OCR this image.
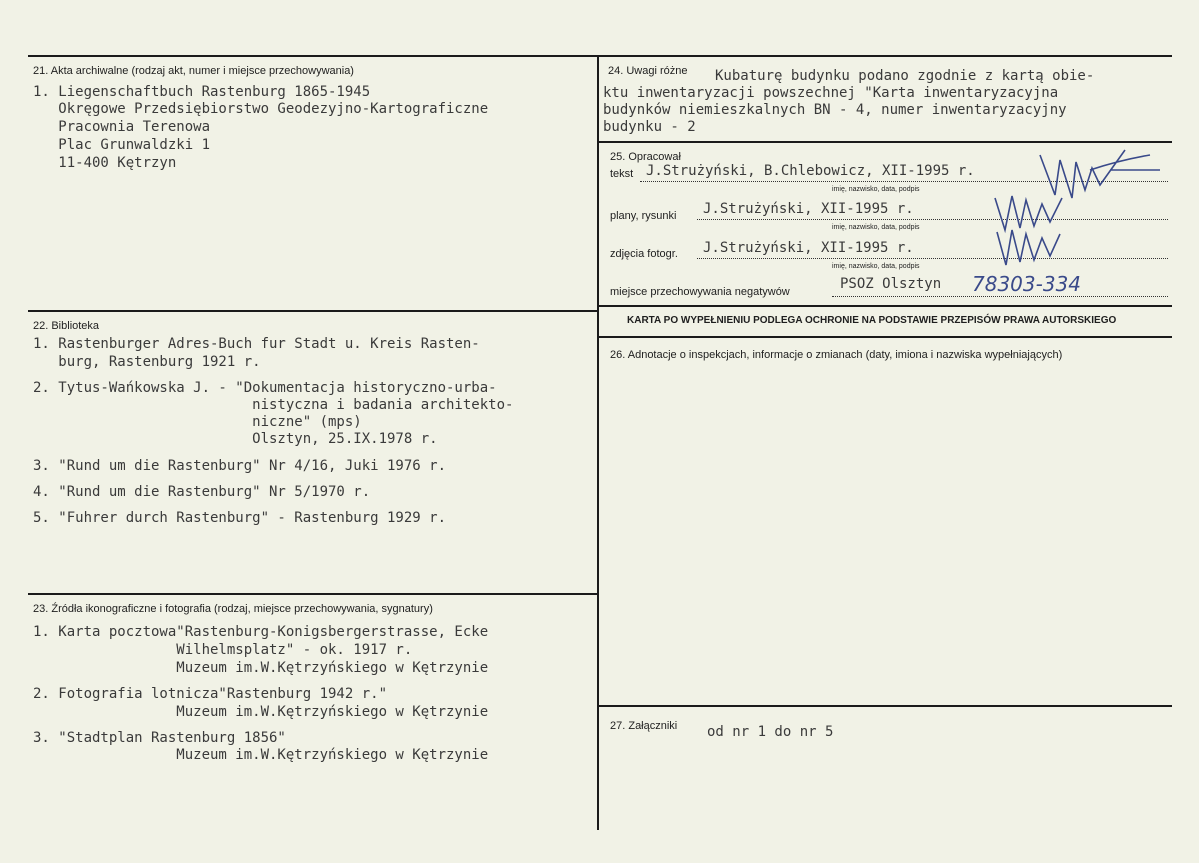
21. Akta archiwalne (rodzaj akt, numer i miejsce przechowywania)
1. Liegenschaftbuch Rastenburg 1865-1945
Okręgowe Przedsiębiorstwo Geodezyjno-Kartograficzne
Pracownia Terenowa
Plac Grunwaldzki 1
11-400 Kętrzyn
22. Biblioteka
1. Rastenburger Adres-Buch fur Stadt u. Kreis Rasten-
burg, Rastenburg 1921 r.
2. Tytus-Wańkowska J. - "Dokumentacja historyczno-urba-
nistyczna i badania architekto-
niczne" (mps)
Olsztyn, 25.IX.1978 r.
3. "Rund um die Rastenburg" Nr 4/16, Juki 1976 r.
4. "Rund um die Rastenburg" Nr 5/1970 r.
5. "Fuhrer durch Rastenburg" - Rastenburg 1929 r.
23. Źródła ikonograficzne i fotografia (rodzaj, miejsce przechowywania, sygnatury)
1. Karta pocztowa"Rastenburg-Konigsbergerstrasse, Ecke
Wilhelmsplatz" - ok. 1917 r.
Muzeum im.W.Kętrzyńskiego w Kętrzynie
2. Fotografia lotnicza"Rastenburg 1942 r."
Muzeum im.W.Kętrzyńskiego w Kętrzynie
3. "Stadtplan Rastenburg 1856"
Muzeum im.W.Kętrzyńskiego w Kętrzynie
24. Uwagi różne Kubaturę budynku podano zgodnie z kartą obie-
ktu inwentaryzacji powszechnej "Karta inwentaryzacyjna
budynków niemieszkalnych BN - 4, numer inwentaryzacyjny
budynku - 2
25. Opracował
tekst J.Strużyński, B.Chlebowicz, XII-1995 r.
imię, nazwisko, data, podpis
plany, rysunki J.Strużyński, XII-1995 r.
imię, nazwisko, data, podpis
zdjęcia fotogr. J.Strużyński, XII-1995 r.
imię, nazwisko, data, podpis
miejsce przechowywania negatywów	PSOZ Olsztyn 78303-334
KARTA PO WYPEŁNIENIU PODLEGA OCHRONIE NA PODSTAWIE PRZEPISÓW PRAWA AUTORSKIEGO
26. Adnotacje o inspekcjach, informacje o zmianach (daty, imiona i nazwiska wypełniających)
27. Załączniki od nr 1 do nr 5
